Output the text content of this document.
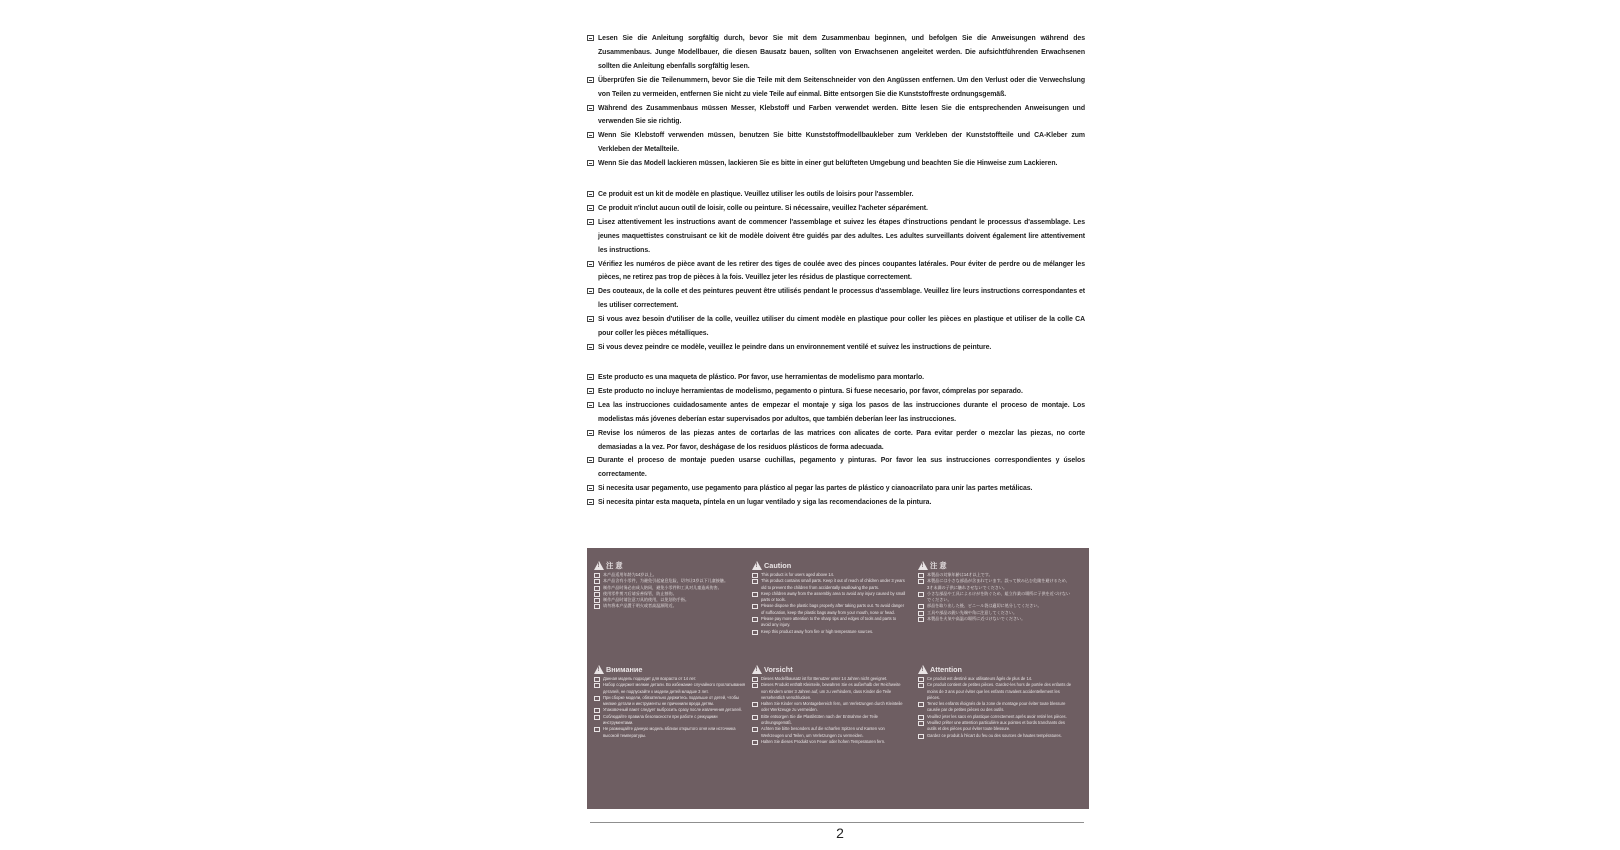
Lesen Sie die Anleitung sorgfältig durch, bevor Sie mit dem Zusammenbau beginnen, und befolgen Sie die Anweisungen während des Zusammenbaus. Junge Modellbauer, die diesen Bausatz bauen, sollten von Erwachsenen angeleitet werden. Die aufsichtführenden Erwachsenen sollten die Anleitung ebenfalls sorgfältig lesen.
Überprüfen Sie die Teilenummern, bevor Sie die Teile mit dem Seitenschneider von den Angüssen entfernen. Um den Verlust oder die Verwechslung von Teilen zu vermeiden, entfernen Sie nicht zu viele Teile auf einmal. Bitte entsorgen Sie die Kunststoffreste ordnungsgemäß.
Während des Zusammenbaus müssen Messer, Klebstoff und Farben verwendet werden. Bitte lesen Sie die entsprechenden Anweisungen und verwenden Sie sie richtig.
Wenn Sie Klebstoff verwenden müssen, benutzen Sie bitte Kunststoffmodellbaukleber zum Verkleben der Kunststoffteile und CA-Kleber zum Verkleben der Metallteile.
Wenn Sie das Modell lackieren müssen, lackieren Sie es bitte in einer gut belüfteten Umgebung und beachten Sie die Hinweise zum Lackieren.
Ce produit est un kit de modèle en plastique. Veuillez utiliser les outils de loisirs pour l'assembler.
Ce produit n'inclut aucun outil de loisir, colle ou peinture. Si nécessaire, veuillez l'acheter séparément.
Lisez attentivement les instructions avant de commencer l'assemblage et suivez les étapes d'instructions pendant le processus d'assemblage. Les jeunes maquettistes construisant ce kit de modèle doivent être guidés par des adultes. Les adultes surveillants doivent également lire attentivement les instructions.
Vérifiez les numéros de pièce avant de les retirer des tiges de coulée avec des pinces coupantes latérales. Pour éviter de perdre ou de mélanger les pièces, ne retirez pas trop de pièces à la fois. Veuillez jeter les résidus de plastique correctement.
Des couteaux, de la colle et des peintures peuvent être utilisés pendant le processus d'assemblage. Veuillez lire leurs instructions correspondantes et les utiliser correctement.
Si vous avez besoin d'utiliser de la colle, veuillez utiliser du ciment modèle en plastique pour coller les pièces en plastique et utiliser de la colle CA pour coller les pièces métalliques.
Si vous devez peindre ce modèle, veuillez le peindre dans un environnement ventilé et suivez les instructions de peinture.
Este producto es una maqueta de plástico. Por favor, use herramientas de modelismo para montarlo.
Este producto no incluye herramientas de modelismo, pegamento o pintura. Si fuese necesario, por favor, cómprelas por separado.
Lea las instrucciones cuidadosamente antes de empezar el montaje y siga los pasos de las instrucciones durante el proceso de montaje. Los modelistas más jóvenes deberían estar supervisados por adultos, que también deberían leer las instrucciones.
Revise los números de las piezas antes de cortarlas de las matrices con alicates de corte. Para evitar perder o mezclar las piezas, no corte demasiadas a la vez. Por favor, deshágase de los residuos plásticos de forma adecuada.
Durante el proceso de montaje pueden usarse cuchillas, pegamento y pinturas. Por favor lea sus instrucciones correspondientes y úselos correctamente.
Si necesita usar pegamento, use pegamento para plástico al pegar las partes de plástico y cianoacrilato para unir las partes metálicas.
Si necesita pintar esta maqueta, píntela en un lugar ventilado y siga las recomendaciones de la pintura.
!
注 意
本产品适用年龄为14岁以上。
本产品含有小零件，为避免引起窒息危险，切勿让3岁以下儿童接触。
制作产品时务必由成人陪同，避免小零件和工具对儿童造成伤害。
使用零件剪刀后请妥善保管，防止割伤。
制作产品时请注意刀具的使用，以免划伤手指。
请勿将本产品置于明火或者高温源附近。
!
Caution
This product is for users aged above 14.
This product contains small parts. Keep it out of reach of children under 3 years old to prevent the children from accidentally swallowing the parts.
Keep children away from the assembly area to avoid any injury caused by small parts or tools.
Please dispose the plastic bags properly after taking parts out. To avoid danger of suffocation, keep the plastic bags away from your mouth, nose or head.
Please pay more attention to the sharp tips and edges of tools and parts to avoid any injury.
Keep this product away from fire or high temperature sources.
!
注 意
本製品の対象年齢は14才以上です。
本製品には小さな部品が含まれています。誤って飲み込む危険を避けるため、3才未満の子供に触れさせないでください。
小さな部品や工具によるけがを防ぐため、組立作業の場所に子供を近づけないでください。
部品を取り出した後、ビニール袋は適切に処分してください。
工具や部品の鋭い先端や角に注意してください。
本製品を火気や高温の場所に近づけないでください。
!
Внимание
Данная модель подходит для возраста от 14 лет.
Набор содержит мелкие детали. Во избежание случайного проглатывания деталей, не подпускайте к модели детей младше 3 лет.
При сборке модели, обязательно держитесь подальше от детей, чтобы мелкие детали и инструменты не причинили вреда детям.
Упаковочный пакет следует выбросить сразу после извлечения деталей.
Соблюдайте правила безопасности при работе с режущими инструментами.
Не размещайте данную модель вблизи открытого огня или источника высокой температуры.
!
Vorsicht
Dieses Modellbausatz ist für Benutzer unter 14 Jahren nicht geeignet.
Dieses Produkt enthält Kleinteile, bewahren Sie es außerhalb der Reichweite von Kindern unter 3 Jahren auf, um zu verhindern, dass Kinder die Teile versehentlich verschlucken.
Halten Sie Kinder vom Montagebereich fern, um Verletzungen durch Kleinteile oder Werkzeuge zu vermeiden.
Bitte entsorgen Sie die Plastiktüten nach der Entnahme der Teile ordnungsgemäß.
Achten Sie bitte besonders auf die scharfen Spitzen und Kanten von Werkzeugen und Teilen, um Verletzungen zu vermeiden.
Halten Sie dieses Produkt von Feuer oder hohen Temperaturen fern.
!
Attention
Ce produit est destiné aux utilisateurs âgés de plus de 14.
Ce produit contient de petites pièces. Gardez-les hors de portée des enfants de moins de 3 ans pour éviter que les enfants n'avalent accidentellement les pièces.
Tenez les enfants éloignés de la zone de montage pour éviter toute blessure causée par de petites pièces ou des outils.
Veuillez jeter les sacs en plastique correctement après avoir retiré les pièces.
Veuillez prêter une attention particulière aux pointes et bords tranchants des outils et des pièces pour éviter toute blessure.
Gardez ce produit à l'écart du feu ou des sources de hautes températures.
2
